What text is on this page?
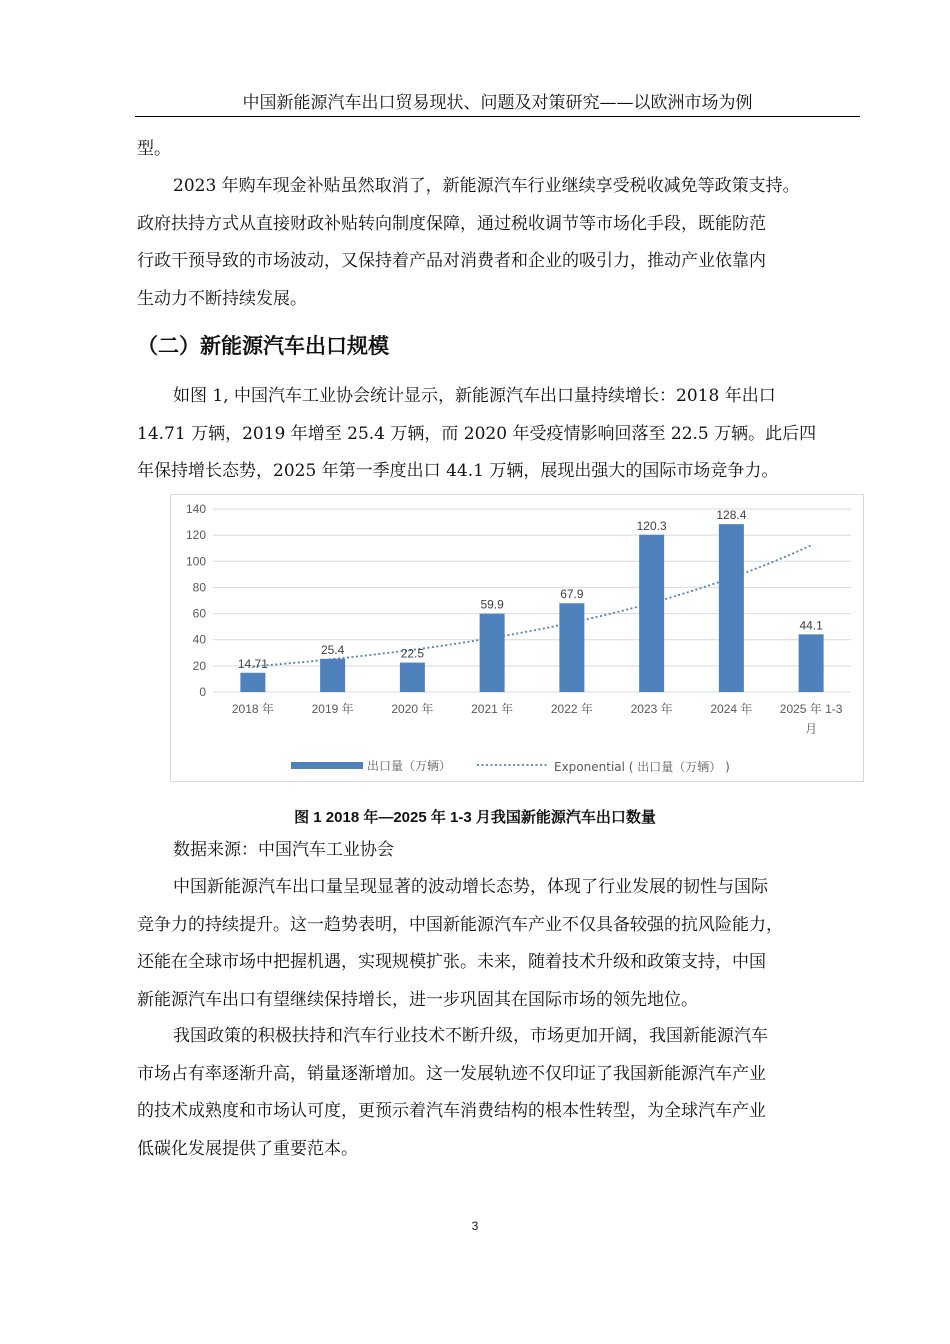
中国新能源汽车出口贸易现状、问题及对策研究——以欧洲市场为例
型。
2023 年购车现金补贴虽然取消了，新能源汽车行业继续享受税收减免等政策支持。
政府扶持方式从直接财政补贴转向制度保障，通过税收调节等市场化手段，既能防范
行政干预导致的市场波动，又保持着产品对消费者和企业的吸引力，推动产业依靠内
生动力不断持续发展。
（二）新能源汽车出口规模
如图 1, 中国汽车工业协会统计显示，新能源汽车出口量持续增长：2018 年出口
14.71 万辆，2019 年增至 25.4 万辆，而 2020 年受疫情影响回落至 22.5 万辆。此后四
年保持增长态势，2025 年第一季度出口 44.1 万辆，展现出强大的国际市场竞争力。
0
20
40
60
80
100
120
140
14.71
25.4	22.5
59.9
67.9
120.3
128.4
44.1
2018 年	2019 年	2020 年	2021 年	2022 年	2023 年	2024 年 2025 年 1-3 月
出口量（万辆）	Exponential ( 出口量（万辆） )
图 1 2018 年—2025 年 1-3 月我国新能源汽车出口数量
数据来源：中国汽车工业协会
中国新能源汽车出口量呈现显著的波动增长态势，体现了行业发展的韧性与国际
竞争力的持续提升。这一趋势表明，中国新能源汽车产业不仅具备较强的抗风险能力，
还能在全球市场中把握机遇，实现规模扩张。未来，随着技术升级和政策支持，中国
新能源汽车出口有望继续保持增长，进一步巩固其在国际市场的领先地位。
我国政策的积极扶持和汽车行业技术不断升级，市场更加开阔，我国新能源汽车
市场占有率逐渐升高，销量逐渐增加。这一发展轨迹不仅印证了我国新能源汽车产业
的技术成熟度和市场认可度，更预示着汽车消费结构的根本性转型，为全球汽车产业
低碳化发展提供了重要范本。
3
